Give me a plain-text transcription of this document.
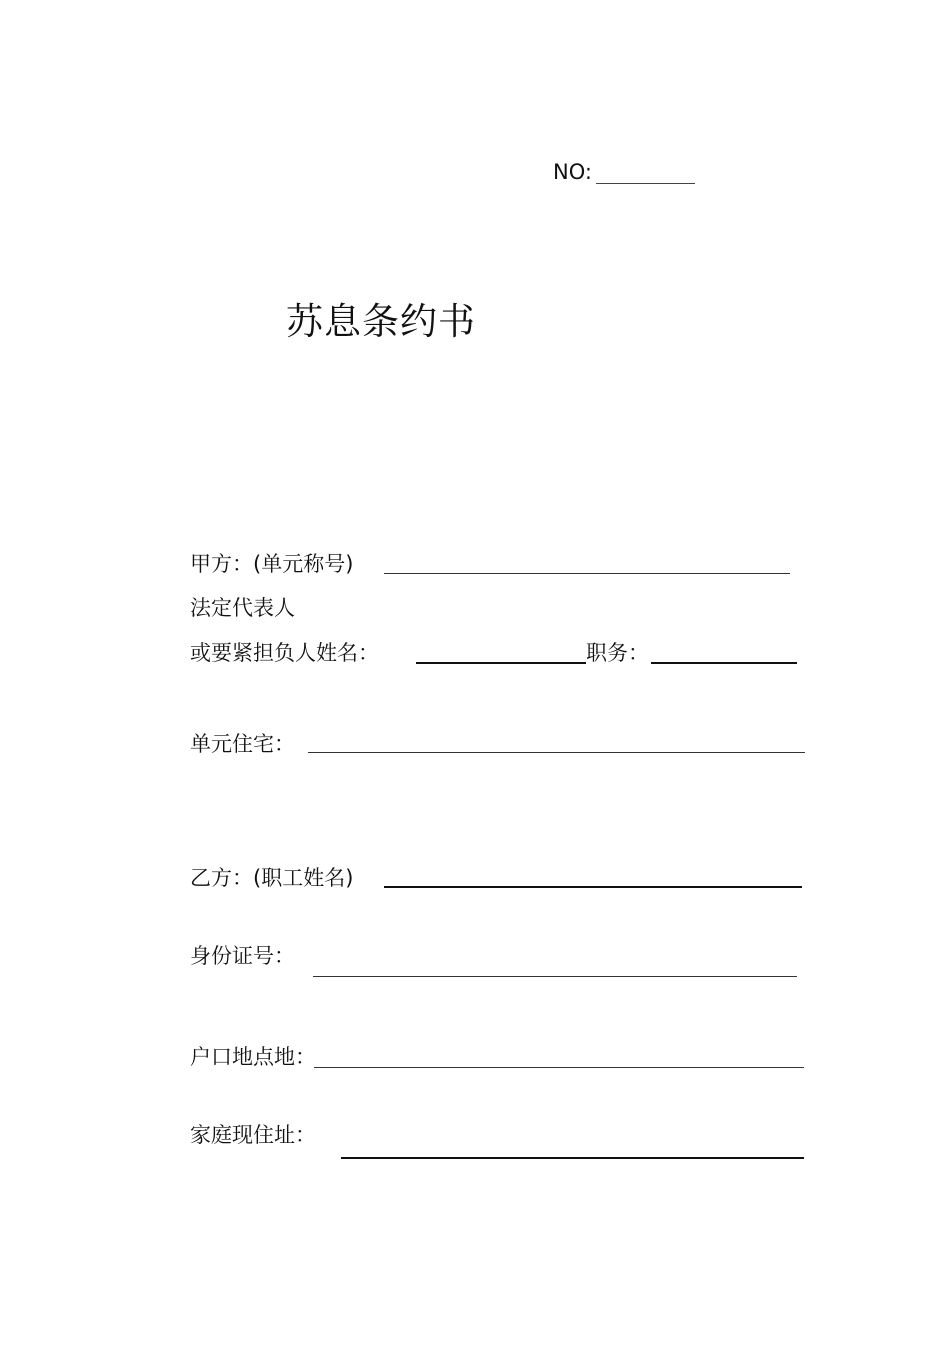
NO:
苏息条约书
甲方：(单元称号)
法定代表人
或要紧担负人姓名：	职务：
单元住宅：
乙方：(职工姓名)
身份证号：
户口地点地：
家庭现住址：
